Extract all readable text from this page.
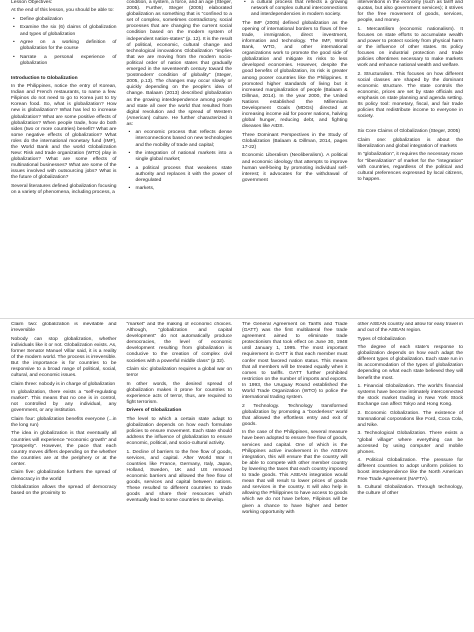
Lesson Objectives:

At the end of this lesson, you should be able to:

• Define globalization

• Examine the six (6) claims of globalization and types of globalization

• Agree on a working definition of globalization for the course

• Narrate a personal experience of globalization

Introduction to Globalization

In the Philippines, notice the entry of Korean, Indian and French restaurants, to name a few. Filipinos do not need to go to Korea just to try Korean food. So, what is globalization? How new is globalization? What has led to increase globalization? What are some positive effects of globalization? When people trade, how do both sides (two or more countries) benefit? What are some negative effects of globalization? What roles do the international monetary fund (IMF), the World Bank and the world Globalization New: Risk and trade organization (WTO) play in globalization? What are some effects of multinational businesses? What are some of the issues involved with outsourcing jobs? What is the future of globalization?

Several literatures defined globalization focusing on a variety of phenomena, including process, a

condition, a system, a force, and an age (Steger, 2005). Further, Steger (2005) elaborated globalization as something that is "confined to a set of complex, sometimes contradictory, social processes that are changing the current social condition based on the modern system of independent nation-states" (p. 12). It is the result of political, economic, cultural change and technological innovations Globalization "implies that we are moving from the modern socio-political order of nation states that gradually emerged in the seventeenth century toward the 'postmodern' condition of globality" (Steger, 2005, p.13). The changes may occur slowly or quickly depending on the people's idea of change. Balaam (2013) described globalization as the growing interdependence among people and state all over the world that resulted from digital revolution and the spread of Western (American) culture. He further characterized it as:

• an economic process that reflects dense interconnections based on new technologies and the mobility of trade and capital;

• the integration of national markets into a single global market;

• a political process that weakens state authority and replaces it with the power of deregulated

• markets,

• a cultural process that reflects a growing network of complex cultural interconnections and interdependencies in modern society.

The IMF (2005) defined globalization as the opening of international borders to flows of free trade, immigration, direct investment, information and technology. The IMF, World Bank, WTO, and other international organizations work to promote the good side of globalization and mitigate its risks to less developed economies. However, despite the good benefits of globalization, its risk is greater among poorer countries like the Philippines. It promoted higher standards of living but it increased marginalization of people (Balaam & Dillman, 2014). In the year 2000, the United Nations established the Millennium Development Goals (MDGs) directed at increasing income aid for poorer nations, halving global hunger, reducing debt, and fighting diseases like AIDS.

Three Dominant Perspectives in the Study of Globalization (Balaam & Dillman, 2014, pages 17-22)

Economic Liberalism (Neoliberalism). A political and economic ideology that attempts to improve human well-being by promoting individual self-interest; it advocates for the withdrawal of government

interventions in the economy (such as tariff and quotas, but also government services); it strives for the free movement of goods, services, people, and money.

1. Mercantilism (economic nationalism). It focuses on state efforts to accumulate wealth and power to protect society from physical harm or the influence of other states. Its policy focuses on industrial protection and trade policies oftentimes necessary to make markets work and enhance national wealth and welfare.

2. Structuralism. This focuses on how different social classes are shaped by the dominant economic structure. The state controls the economic, prices are set by state officials and emphasis on state planning and agenda setting. Its policy tool: monetary, fiscal, and fair trade policies that redistribute income to everyone in society.

Six Core Claims of Globalization (Steger, 2005)

Claim one: globalization is about the liberalization and global integration of markets

In "globalization", it requires the necessary move for "liberalization" of market for the "integration" with countries, regardless of the political and cultural preferences expressed by local citizens, to happen.

Claim two: globalization is inevitable and irreversible

Nobody can stop globalization, whether individuals like it or not. Globalization exists. As, former Senator Manuel Villar said, it is a reality of the modern world. The process is irreversible. But the importance is for countries to be responsive to a broad range of political, social, cultural, and economic issues.

Claim three: nobody is in charge of globalization

In globalization, there exists a "self-regulating market". This means that no one is in control, not controlled by any individual, any government, or any institution.

Claim four: globalization benefits everyone (...in the long run)

The idea in globalization is that eventually all countries will experience "economic growth" and "prosperity". However, the pace that each country moves differs depending on the whether the countries are at the periphery or at the center.

Claim five: globalization furthers the spread of democracy in the world

Globalization allows the spread of democracy based on the proximity to

"market" and the making of economic choices. Although, "globalization and capital development" do not automatically produce democracies, the level of economic development resulting from globalization is conducive to the creation of complex civil societies with a powerful middle class" (p 32).

Claim six: globalization requires a global war on terror

In other words, the desired spread of globalization makes it prone for countries to experience acts of terror, thus, are required to fight terrorism.

Drivers of Globalization

The level to which a certain state adapt to globalization depends on how each formulate policies to ensure movement. Each state should address the influence of globalization to ensure economic, political, and socio-cultural activity.

1. Decline of barriers to the free flow of goods, services, and capital. After World War II countries like France, Germany, Italy, Japan, Holland, Sweden, UK and US removed economic barriers and allowed the free flow of goods, services and capital between nations. These resulted to different countries to trade goods and share their resources which eventually lead to some countries to develop.

The General Agreement on Tariffs and Trade (GATT) was the first multilateral free trade agreement aimed to eliminate trade protectionism that took effect on June 30, 1948 until January 1, 1995. The most important requirement in GATT is that each member must confer most favored nation status. This means that all members will be treated equally when it comes to tariffs. GATT further prohibited restriction on the number of imports and exports. In 1993, the Uruguay Round established the World Trade Organization (WTO) to police the international trading system.

2 Technology. Technology transformed globalization by promoting a "borderless" world that allowed the effortless entry and exit of goods.

In the case of the Philippines, several measure have been adopted to ensure free flow of goods, services and capital. One of which is the Philippines active involvement in the ASEAN integration, this will ensure that the country will be able to compete with other member country by lowering the taxes that each country imposed to trade goods. This ASEAN integration would mean that will result to lower prices of goods and services in the country. It will also help in allowing the Philippines to have access to goods which we do not have before, Filipinos will be given a chance to have higher and better working opportunity with

other ASEAN country and allow for easy travel in and out of the ASEAN region.

Types of Globalization

The degree of each state's response to globalization depends on how each adapt the different types of globalization. Each state run in its accommodation of the types of globalization depending on what each state believed they will benefit the most.

1. Financial Globalization. The world's financial systems have become intimately interconnected the stock market trading in New York Stock Exchange can affect Tokyo and Hong Kong.

2. Economic Globalization. The existence of transnational corporations like Ford, Coca Cola, and Nike.

3. Technological Globalization. There exists a "global village" where everything can be accessed by using computer and mobile phones.

4. Political Globalization. The pressure for different countries to adopt uniform policies to boost interdependence like the North American Free Trade Agreement (NAFTA).

5. Cultural Globalization. Through technology, the culture of other
